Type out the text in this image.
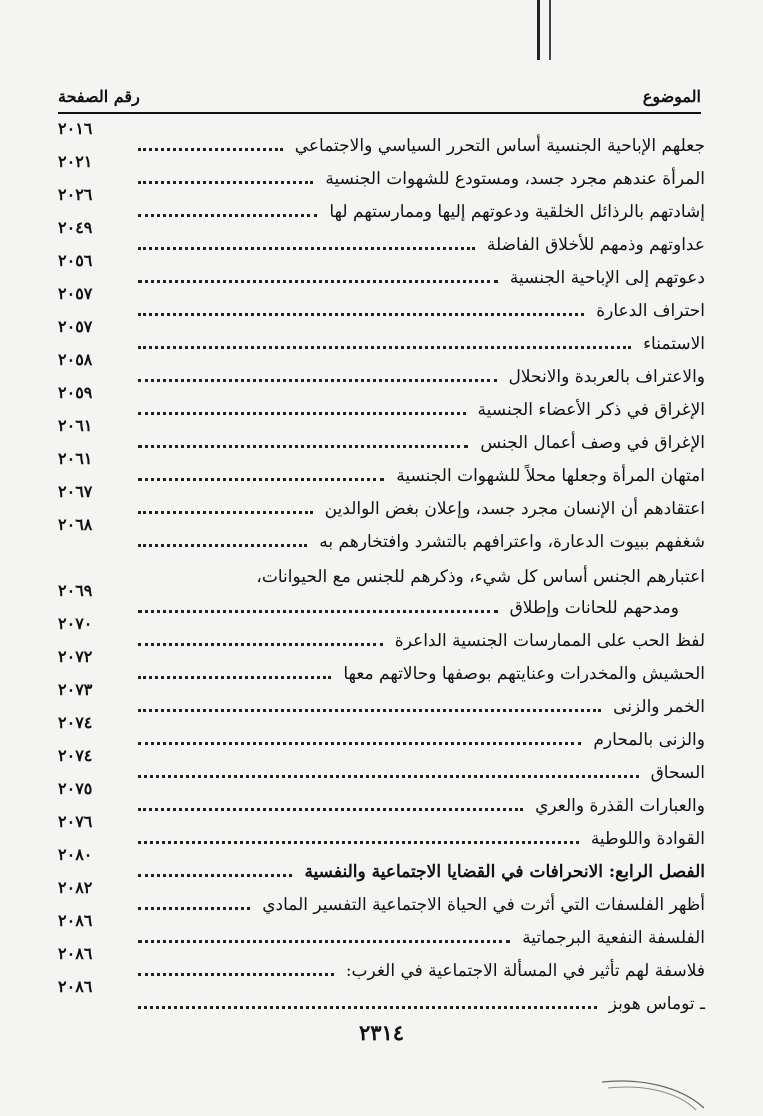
الموضوع
رقم الصفحة
جعلهم الإباحية الجنسية أساس التحرر السياسي والاجتماعي
٢٠١٦
المرأة عندهم مجرد جسد، ومستودع للشهوات الجنسية
٢٠٢١
إشادتهم بالرذائل الخلقية ودعوتهم إليها وممارستهم لها
٢٠٢٦
عداوتهم وذمهم للأخلاق الفاضلة
٢٠٤٩
دعوتهم إلى الإباحية الجنسية
٢٠٥٦
احتراف الدعارة
٢٠٥٧
الاستمناء
٢٠٥٧
والاعتراف بالعربدة والانحلال
٢٠٥٨
الإغراق في ذكر الأعضاء الجنسية
٢٠٥٩
الإغراق في وصف أعمال الجنس
٢٠٦١
امتهان المرأة وجعلها محلاً للشهوات الجنسية
٢٠٦١
اعتقادهم أن الإنسان مجرد جسد، وإعلان بغض الوالدين
٢٠٦٧
شغفهم ببيوت الدعارة، واعترافهم بالتشرد وافتخارهم به
٢٠٦٨
اعتبارهم الجنس أساس كل شيء، وذكرهم للجنس مع الحيوانات،
ومدحهم للحانات وإطلاق
٢٠٦٩
لفظ الحب على الممارسات الجنسية الداعرة
٢٠٧٠
الحشيش والمخدرات وعنايتهم بوصفها وحالاتهم معها
٢٠٧٢
الخمر والزنى
٢٠٧٣
والزنى بالمحارم
٢٠٧٤
السحاق
٢٠٧٤
والعبارات القذرة والعري
٢٠٧٥
القوادة واللوطية
٢٠٧٦
الفصل الرابع: الانحرافات في القضايا الاجتماعية والنفسية
٢٠٨٠
أظهر الفلسفات التي أثرت في الحياة الاجتماعية التفسير المادي
٢٠٨٢
الفلسفة النفعية البرجماتية
٢٠٨٦
فلاسفة لهم تأثير في المسألة الاجتماعية في الغرب:
٢٠٨٦
ـ توماس هوبز
٢٠٨٦
٢٣١٤
